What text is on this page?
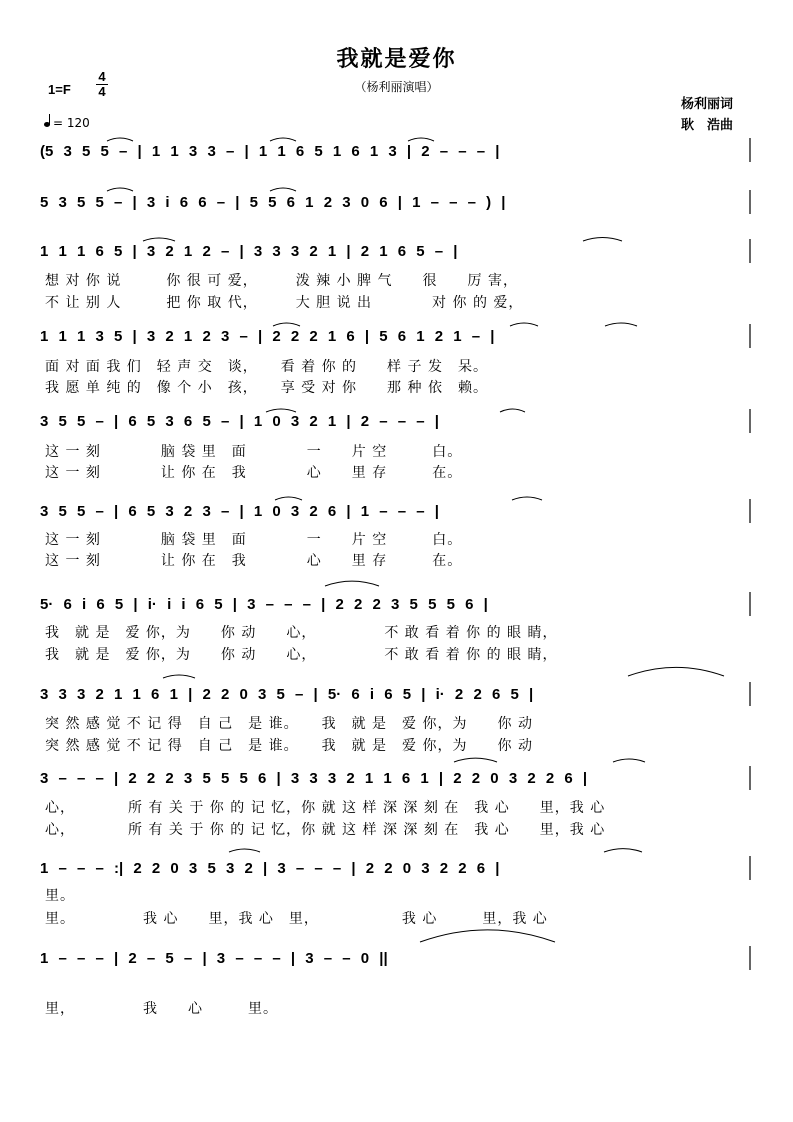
我就是爱你
（杨利丽演唱）
1=F
4
4
= 120
杨利丽词
耿　浩曲
(5 3 5 5 – | 1 1 3 3 – | 1 1 6 5 1 6 1 3 | 2 – – – |
5 3 5 5 – | 3 i 6 6 – | 5 5 6 1 2 3 0 6 | 1 – – – ) |
1 1 1 6 5 | 3 2 1 2 – | 3 3 3 2 1 | 2 1 6 5 – |
想 对 你 说　　　你 很 可 爱，　　　泼 辣 小 脾 气　　很　　厉 害，
不 让 别 人　　　把 你 取 代，　　　大 胆 说 出　　　　对 你 的 爱，
1 1 1 3 5 | 3 2 1 2 3 – | 2 2 2 1 6 | 5 6 1 2 1 – |
面 对 面 我 们　轻 声 交　谈，　　看 着 你 的　　样 子 发　呆。
我 愿 单 纯 的　像 个 小　孩，　　享 受 对 你　　那 种 依　赖。
3 5 5 – | 6 5 3 6 5 – | 1 0 3 2 1 | 2 – – – |
这 一 刻　　　　脑 袋 里　面　　　　一　　片 空　　　白。
这 一 刻　　　　让 你 在　我　　　　心　　里 存　　　在。
3 5 5 – | 6 5 3 2 3 – | 1 0 3 2 6 | 1 – – – |
这 一 刻　　　　脑 袋 里　面　　　　一　　片 空　　　白。
这 一 刻　　　　让 你 在　我　　　　心　　里 存　　　在。
5· 6 i 6 5 | i· i i 6 5 | 3 – – – | 2 2 2 3 5 5 5 6 |
我　就 是　爱 你，为　　你 动　　心，　　　　　不 敢 看 着 你 的 眼 睛，
我　就 是　爱 你，为　　你 动　　心，　　　　　不 敢 看 着 你 的 眼 睛，
3 3 3 2 1 1 6 1 | 2 2 0 3 5 – | 5· 6 i 6 5 | i· 2 2 6 5 |
突 然 感 觉 不 记 得　自 己　是 谁。　　我　就 是　爱 你，为　　你 动
突 然 感 觉 不 记 得　自 己　是 谁。　　我　就 是　爱 你，为　　你 动
3 – – – | 2 2 2 3 5 5 5 6 | 3 3 3 2 1 1 6 1 | 2 2 0 3 2 2 6 |
心，　　　　所 有 关 于 你 的 记 忆，你 就 这 样 深 深 刻 在　我 心　　里，我 心
心，　　　　所 有 关 于 你 的 记 忆，你 就 这 样 深 深 刻 在　我 心　　里，我 心
1 – – – :| 2 2 0 3 5 3 2 | 3 – – – | 2 2 0 3 2 2 6 |
里。
里。　　　　　我 心　　里，我 心　里，　　　　　　我 心　　　里，我 心
1 – – – | 2 – 5 – | 3 – – – | 3 – – 0 ||
里，　　　　　我　　心　　　里。
